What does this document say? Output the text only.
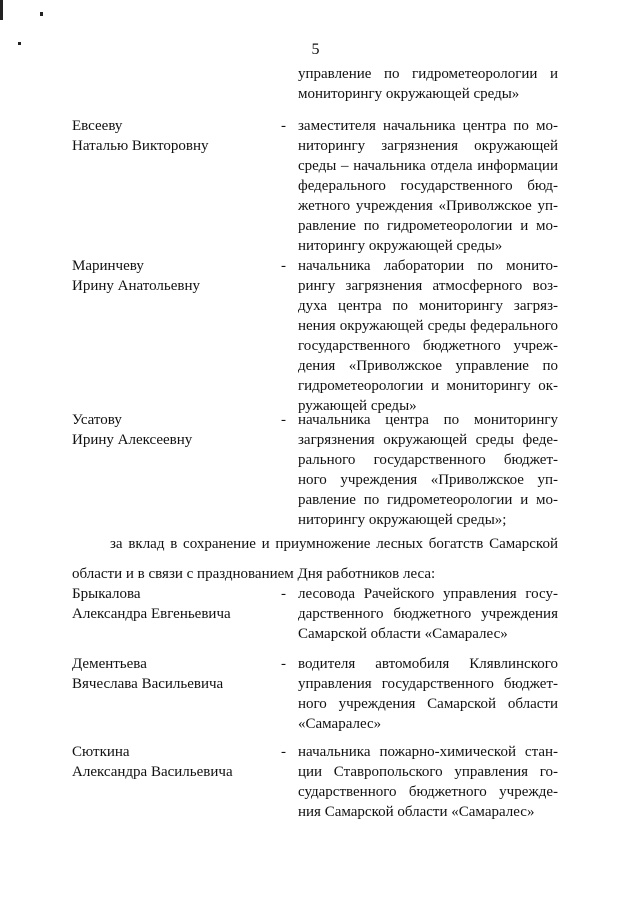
5
управление по гидрометеорологии и
мониторингу окружающей среды»
Евсееву
Наталью Викторовну
- заместителя начальника центра по мо-
ниторингу загрязнения окружающей
среды – начальника отдела информации
федерального государственного бюд-
жетного учреждения «Приволжское уп-
равление по гидрометеорологии и мо-
ниторингу окружающей среды»
Маринчеву
Ирину Анатольевну
- начальника лаборатории по монито-
рингу загрязнения атмосферного воз-
духа центра по мониторингу загряз-
нения окружающей среды федерального
государственного бюджетного учреж-
дения «Приволжское управление по
гидрометеорологии и мониторингу ок-
ружающей среды»
Усатову
Ирину Алексеевну
- начальника центра по мониторингу
загрязнения окружающей среды феде-
рального государственного бюджет-
ного учреждения «Приволжское уп-
равление по гидрометеорологии и мо-
ниторингу окружающей среды»;
за вклад в сохранение и приумножение лесных богатств Самарской
области и в связи с празднованием Дня работников леса:
Брыкалова
Александра Евгеньевича
- лесовода Рачейского управления госу-
дарственного бюджетного учреждения
Самарской области «Самаралес»
Дементьева
Вячеслава Васильевича
- водителя автомобиля Клявлинского
управления государственного бюджет-
ного учреждения Самарской области
«Самаралес»
Сюткина
Александра Васильевича
- начальника пожарно-химической стан-
ции Ставропольского управления го-
сударственного бюджетного учрежде-
ния Самарской области «Самаралес»
